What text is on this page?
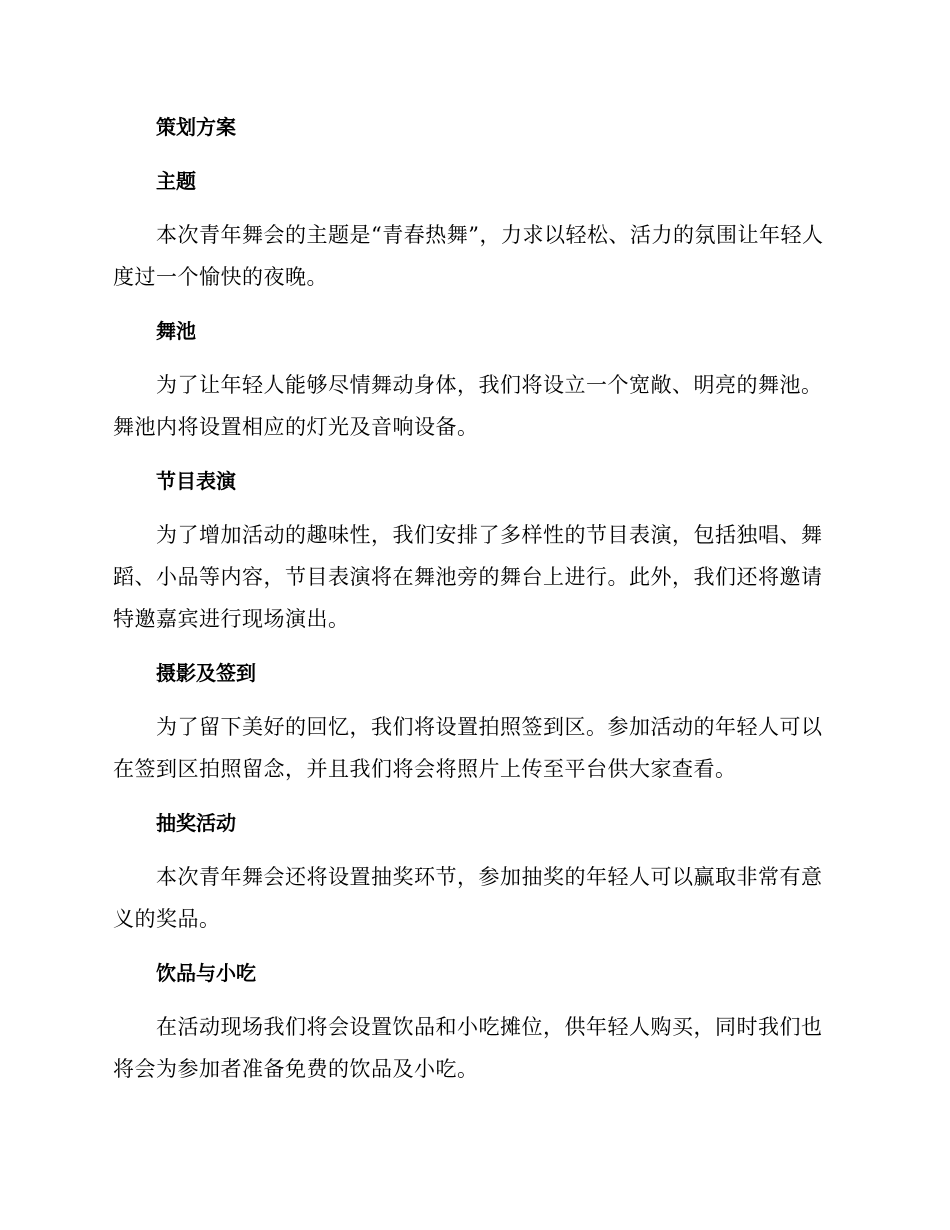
策划方案
主题

本次青年舞会的主题是“青春热舞”，力求以轻松、活力的氛围让年轻人度过一个愉快的夜晚。

舞池

为了让年轻人能够尽情舞动身体，我们将设立一个宽敞、明亮的舞池。舞池内将设置相应的灯光及音响设备。

节目表演

为了增加活动的趣味性，我们安排了多样性的节目表演，包括独唱、舞蹈、小品等内容，节目表演将在舞池旁的舞台上进行。此外，我们还将邀请特邀嘉宾进行现场演出。

摄影及签到

为了留下美好的回忆，我们将设置拍照签到区。参加活动的年轻人可以在签到区拍照留念，并且我们将会将照片上传至平台供大家查看。

抽奖活动

本次青年舞会还将设置抽奖环节，参加抽奖的年轻人可以赢取非常有意义的奖品。

饮品与小吃

在活动现场我们将会设置饮品和小吃摊位，供年轻人购买，同时我们也将会为参加者准备免费的饮品及小吃。
